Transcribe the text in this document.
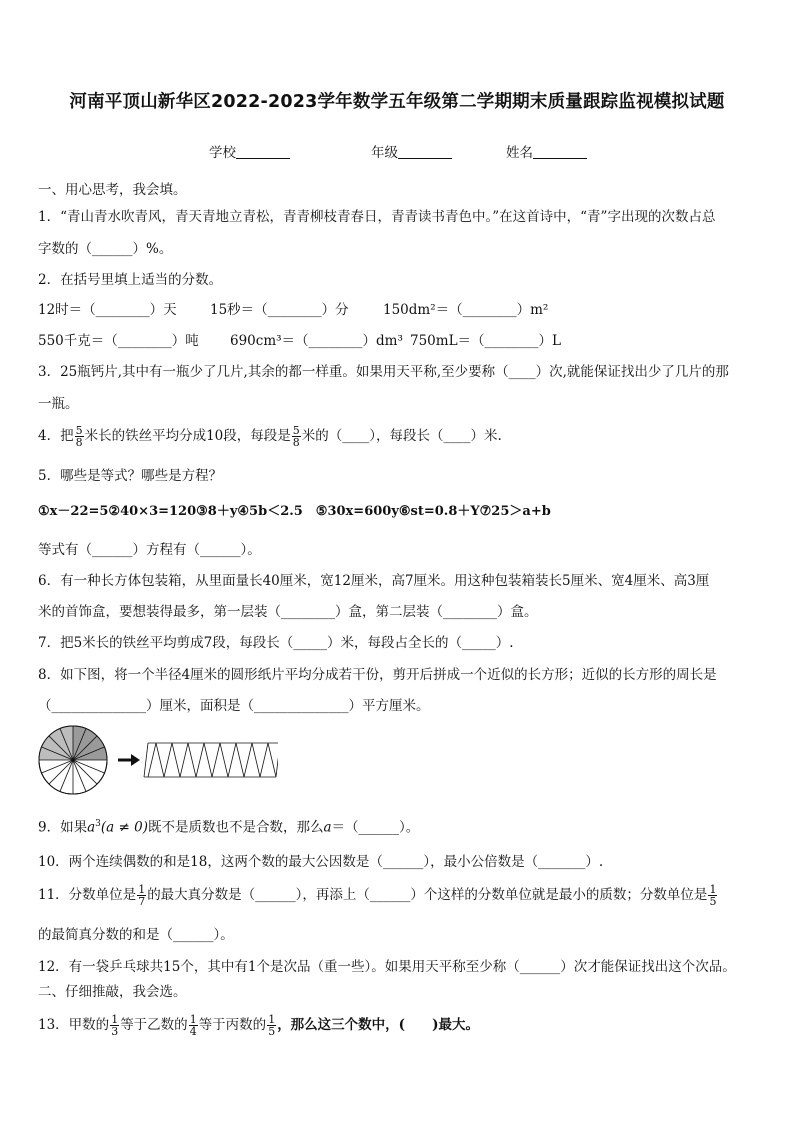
河南平顶山新华区2022-2023学年数学五年级第二学期期末质量跟踪监视模拟试题
学校	年级	姓名
一、用心思考，我会填。
1．“青山青水吹青风，青天青地立青松，青青柳枝青春日，青青读书青色中。”在这首诗中，“青”字出现的次数占总
字数的（______）%。
2．在括号里填上适当的分数。
12时＝（________）天 15秒＝（________）分	150dm²＝（________）m²
550千克＝（________）吨 690cm³＝（________）dm³ 750mL＝（________）L
3．25瓶钙片,其中有一瓶少了几片,其余的都一样重。如果用天平称,至少要称（____）次,就能保证找出少了几片的那
一瓶。
4．把 $\frac{5}{8}$ 米长的铁丝平均分成10段，每段是 $\frac{5}{8}$ 米的（____），每段长（____）米.
5．哪些是等式？哪些是方程？
①x－22=5②40×3=120③8＋y④5b＜2.5　⑤30x=600y⑥st=0.8＋Y⑦25＞a+b
等式有（______）方程有（______）。
6．有一种长方体包装箱，从里面量长40厘米，宽12厘米，高7厘米。用这种包装箱装长5厘米、宽4厘米、高3厘
米的首饰盒，要想装得最多，第一层装（________）盒，第二层装（________）盒。
7．把5米长的铁丝平均剪成7段，每段长（_____）米，每段占全长的（_____）.
8．如下图，将一个半径4厘米的圆形纸片平均分成若干份，剪开后拼成一个近似的长方形；近似的长方形的周长是
（______________）厘米，面积是（______________）平方厘米。
9．如果$a^3(a \ne 0)$既不是质数也不是合数，那么a＝（______）。
10．两个连续偶数的和是18，这两个数的最大公因数是（______），最小公倍数是（_______）.
11．分数单位是 $\frac{1}{7}$ 的最大真分数是（______），再添上（______）个这样的分数单位就是最小的质数；分数单位是 $\frac{1}{5}$
的最简真分数的和是（______）。
12．有一袋乒乓球共15个，其中有1个是次品（重一些）。如果用天平称至少称（______）次才能保证找出这个次品。
二、仔细推敲，我会选。
13．甲数的 $\frac{1}{3}$ 等于乙数的 $\frac{1}{4}$ 等于丙数的 $\frac{1}{5}$ ，那么这三个数中，(　　)最大。
